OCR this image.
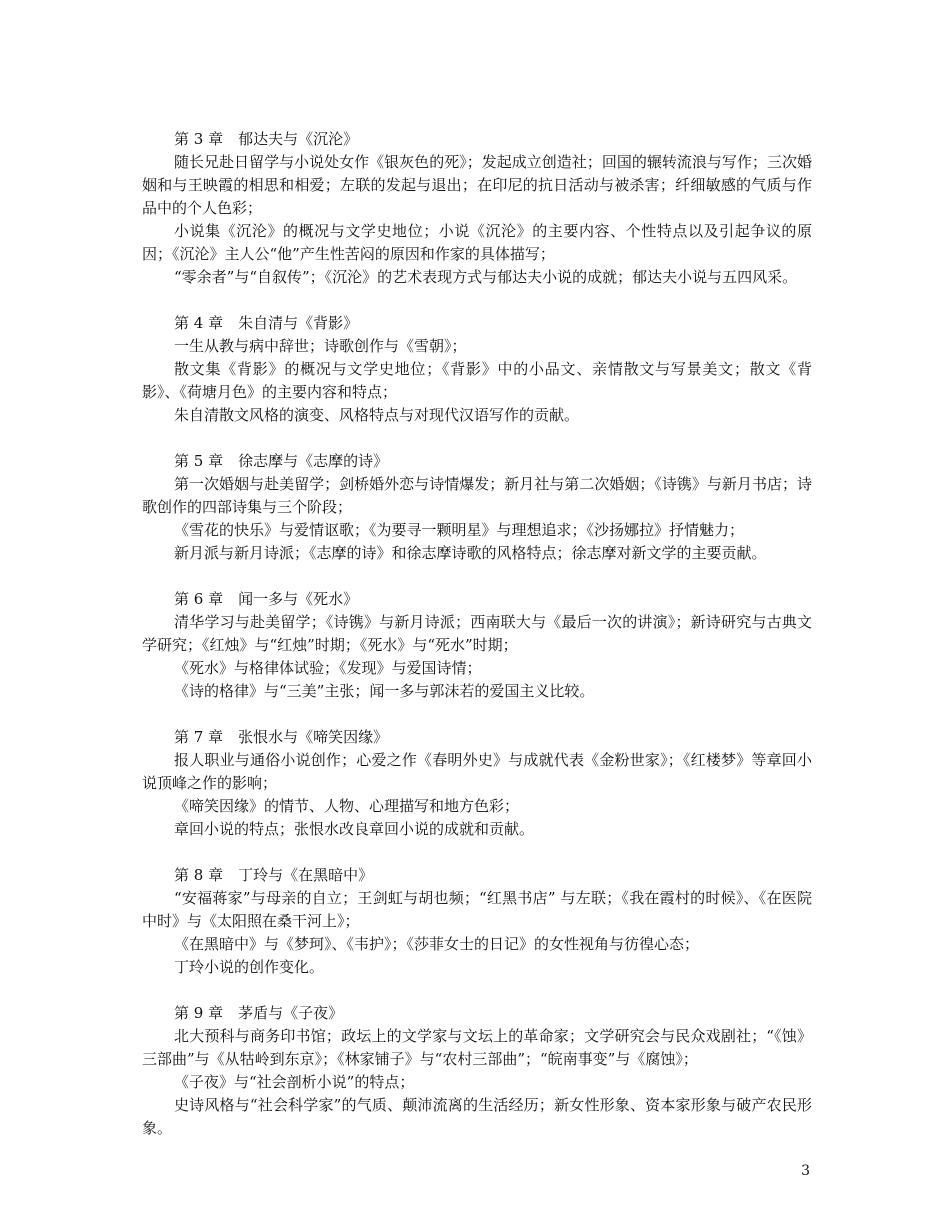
第 3 章　郁达夫与《沉沦》

随长兄赴日留学与小说处女作《银灰色的死》；发起成立创造社；回国的辗转流浪与写作；三次婚姻和与王映霞的相思和相爱；左联的发起与退出；在印尼的抗日活动与被杀害；纤细敏感的气质与作品中的个人色彩；

小说集《沉沦》的概况与文学史地位；小说《沉沦》的主要内容、个性特点以及引起争议的原因；《沉沦》主人公“他”产生性苦闷的原因和作家的具体描写；

“零余者”与“自叙传”；《沉沦》的艺术表现方式与郁达夫小说的成就；郁达夫小说与五四风采。

第 4 章　朱自清与《背影》

一生从教与病中辞世；诗歌创作与《雪朝》；

散文集《背影》的概况与文学史地位；《背影》中的小品文、亲情散文与写景美文；散文《背影》、《荷塘月色》的主要内容和特点；

朱自清散文风格的演变、风格特点与对现代汉语写作的贡献。

第 5 章　徐志摩与《志摩的诗》

第一次婚姻与赴美留学；剑桥婚外恋与诗情爆发；新月社与第二次婚姻；《诗镌》与新月书店；诗歌创作的四部诗集与三个阶段；

《雪花的快乐》与爱情讴歌；《为要寻一颗明星》与理想追求；《沙扬娜拉》抒情魅力；

新月派与新月诗派；《志摩的诗》和徐志摩诗歌的风格特点；徐志摩对新文学的主要贡献。

第 6 章　闻一多与《死水》

清华学习与赴美留学；《诗镌》与新月诗派；西南联大与《最后一次的讲演》；新诗研究与古典文学研究；《红烛》与“红烛”时期；《死水》与“死水”时期；

《死水》与格律体试验；《发现》与爱国诗情；

《诗的格律》与“三美”主张；闻一多与郭沫若的爱国主义比较。

第 7 章　张恨水与《啼笑因缘》

报人职业与通俗小说创作；心爱之作《春明外史》与成就代表《金粉世家》；《红楼梦》等章回小说顶峰之作的影响；

《啼笑因缘》的情节、人物、心理描写和地方色彩；

章回小说的特点；张恨水改良章回小说的成就和贡献。

第 8 章　丁玲与《在黑暗中》

“安福蒋家”与母亲的自立；王剑虹与胡也频；“红黑书店” 与左联；《我在霞村的时候》、《在医院中时》与《太阳照在桑干河上》；

《在黑暗中》与《梦珂》、《韦护》；《莎菲女士的日记》的女性视角与彷徨心态；

丁玲小说的创作变化。

第 9 章　茅盾与《子夜》

北大预科与商务印书馆；政坛上的文学家与文坛上的革命家；文学研究会与民众戏剧社；“《蚀》三部曲”与《从牯岭到东京》；《林家铺子》与“农村三部曲”；“皖南事变”与《腐蚀》；

《子夜》与“社会剖析小说”的特点；

史诗风格与“社会科学家”的气质、颠沛流离的生活经历；新女性形象、资本家形象与破产农民形象。

3
